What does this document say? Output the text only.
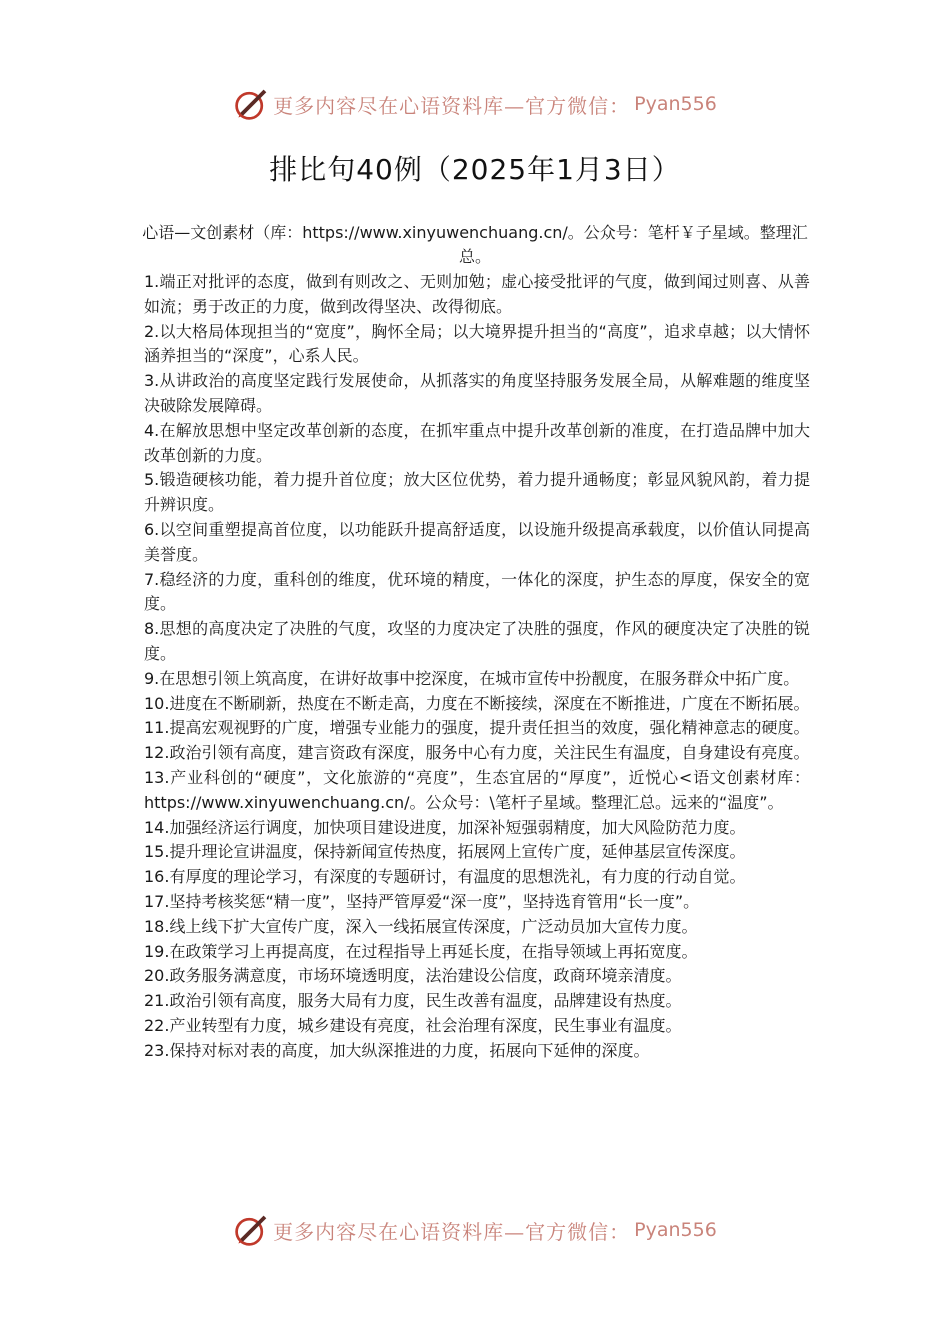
更多内容尽在心语资料库—官方微信： Pyan556
排比句40例（2025年1月3日）
心语—文创素材（库：https://www.xinyuwenchuang.cn/。公众号：笔杆￥子星域。整理汇总。
1.端正对批评的态度，做到有则改之、无则加勉；虚心接受批评的气度，做到闻过则喜、从善如流；勇于改正的力度，做到改得坚决、改得彻底。
2.以大格局体现担当的“宽度”，胸怀全局；以大境界提升担当的“高度”，追求卓越；以大情怀涵养担当的“深度”，心系人民。
3.从讲政治的高度坚定践行发展使命，从抓落实的角度坚持服务发展全局，从解难题的维度坚决破除发展障碍。
4.在解放思想中坚定改革创新的态度，在抓牢重点中提升改革创新的准度，在打造品牌中加大改革创新的力度。
5.锻造硬核功能，着力提升首位度；放大区位优势，着力提升通畅度；彰显风貌风韵，着力提升辨识度。
6.以空间重塑提高首位度，以功能跃升提高舒适度，以设施升级提高承载度，以价值认同提高美誉度。
7.稳经济的力度，重科创的维度，优环境的精度，一体化的深度，护生态的厚度，保安全的宽度。
8.思想的高度决定了决胜的气度，攻坚的力度决定了决胜的强度，作风的硬度决定了决胜的锐度。
9.在思想引领上筑高度，在讲好故事中挖深度，在城市宣传中扮靓度，在服务群众中拓广度。
10.进度在不断刷新，热度在不断走高，力度在不断接续，深度在不断推进，广度在不断拓展。
11.提高宏观视野的广度，增强专业能力的强度，提升责任担当的效度，强化精神意志的硬度。
12.政治引领有高度，建言资政有深度，服务中心有力度，关注民生有温度，自身建设有亮度。
13.产业科创的“硬度”，文化旅游的“亮度”，生态宜居的“厚度”，近悦心<语文创素材库：https://www.xinyuwenchuang.cn/。公众号：\笔杆子星域。整理汇总。远来的“温度”。
14.加强经济运行调度，加快项目建设进度，加深补短强弱精度，加大风险防范力度。
15.提升理论宣讲温度，保持新闻宣传热度，拓展网上宣传广度，延伸基层宣传深度。
16.有厚度的理论学习，有深度的专题研讨，有温度的思想洗礼，有力度的行动自觉。
17.坚持考核奖惩“精一度”，坚持严管厚爱“深一度”，坚持选育管用“长一度”。
18.线上线下扩大宣传广度，深入一线拓展宣传深度，广泛动员加大宣传力度。
19.在政策学习上再提高度，在过程指导上再延长度，在指导领域上再拓宽度。
20.政务服务满意度，市场环境透明度，法治建设公信度，政商环境亲清度。
21.政治引领有高度，服务大局有力度，民生改善有温度，品牌建设有热度。
22.产业转型有力度，城乡建设有亮度，社会治理有深度，民生事业有温度。
23.保持对标对表的高度，加大纵深推进的力度，拓展向下延伸的深度。
更多内容尽在心语资料库—官方微信： Pyan556
